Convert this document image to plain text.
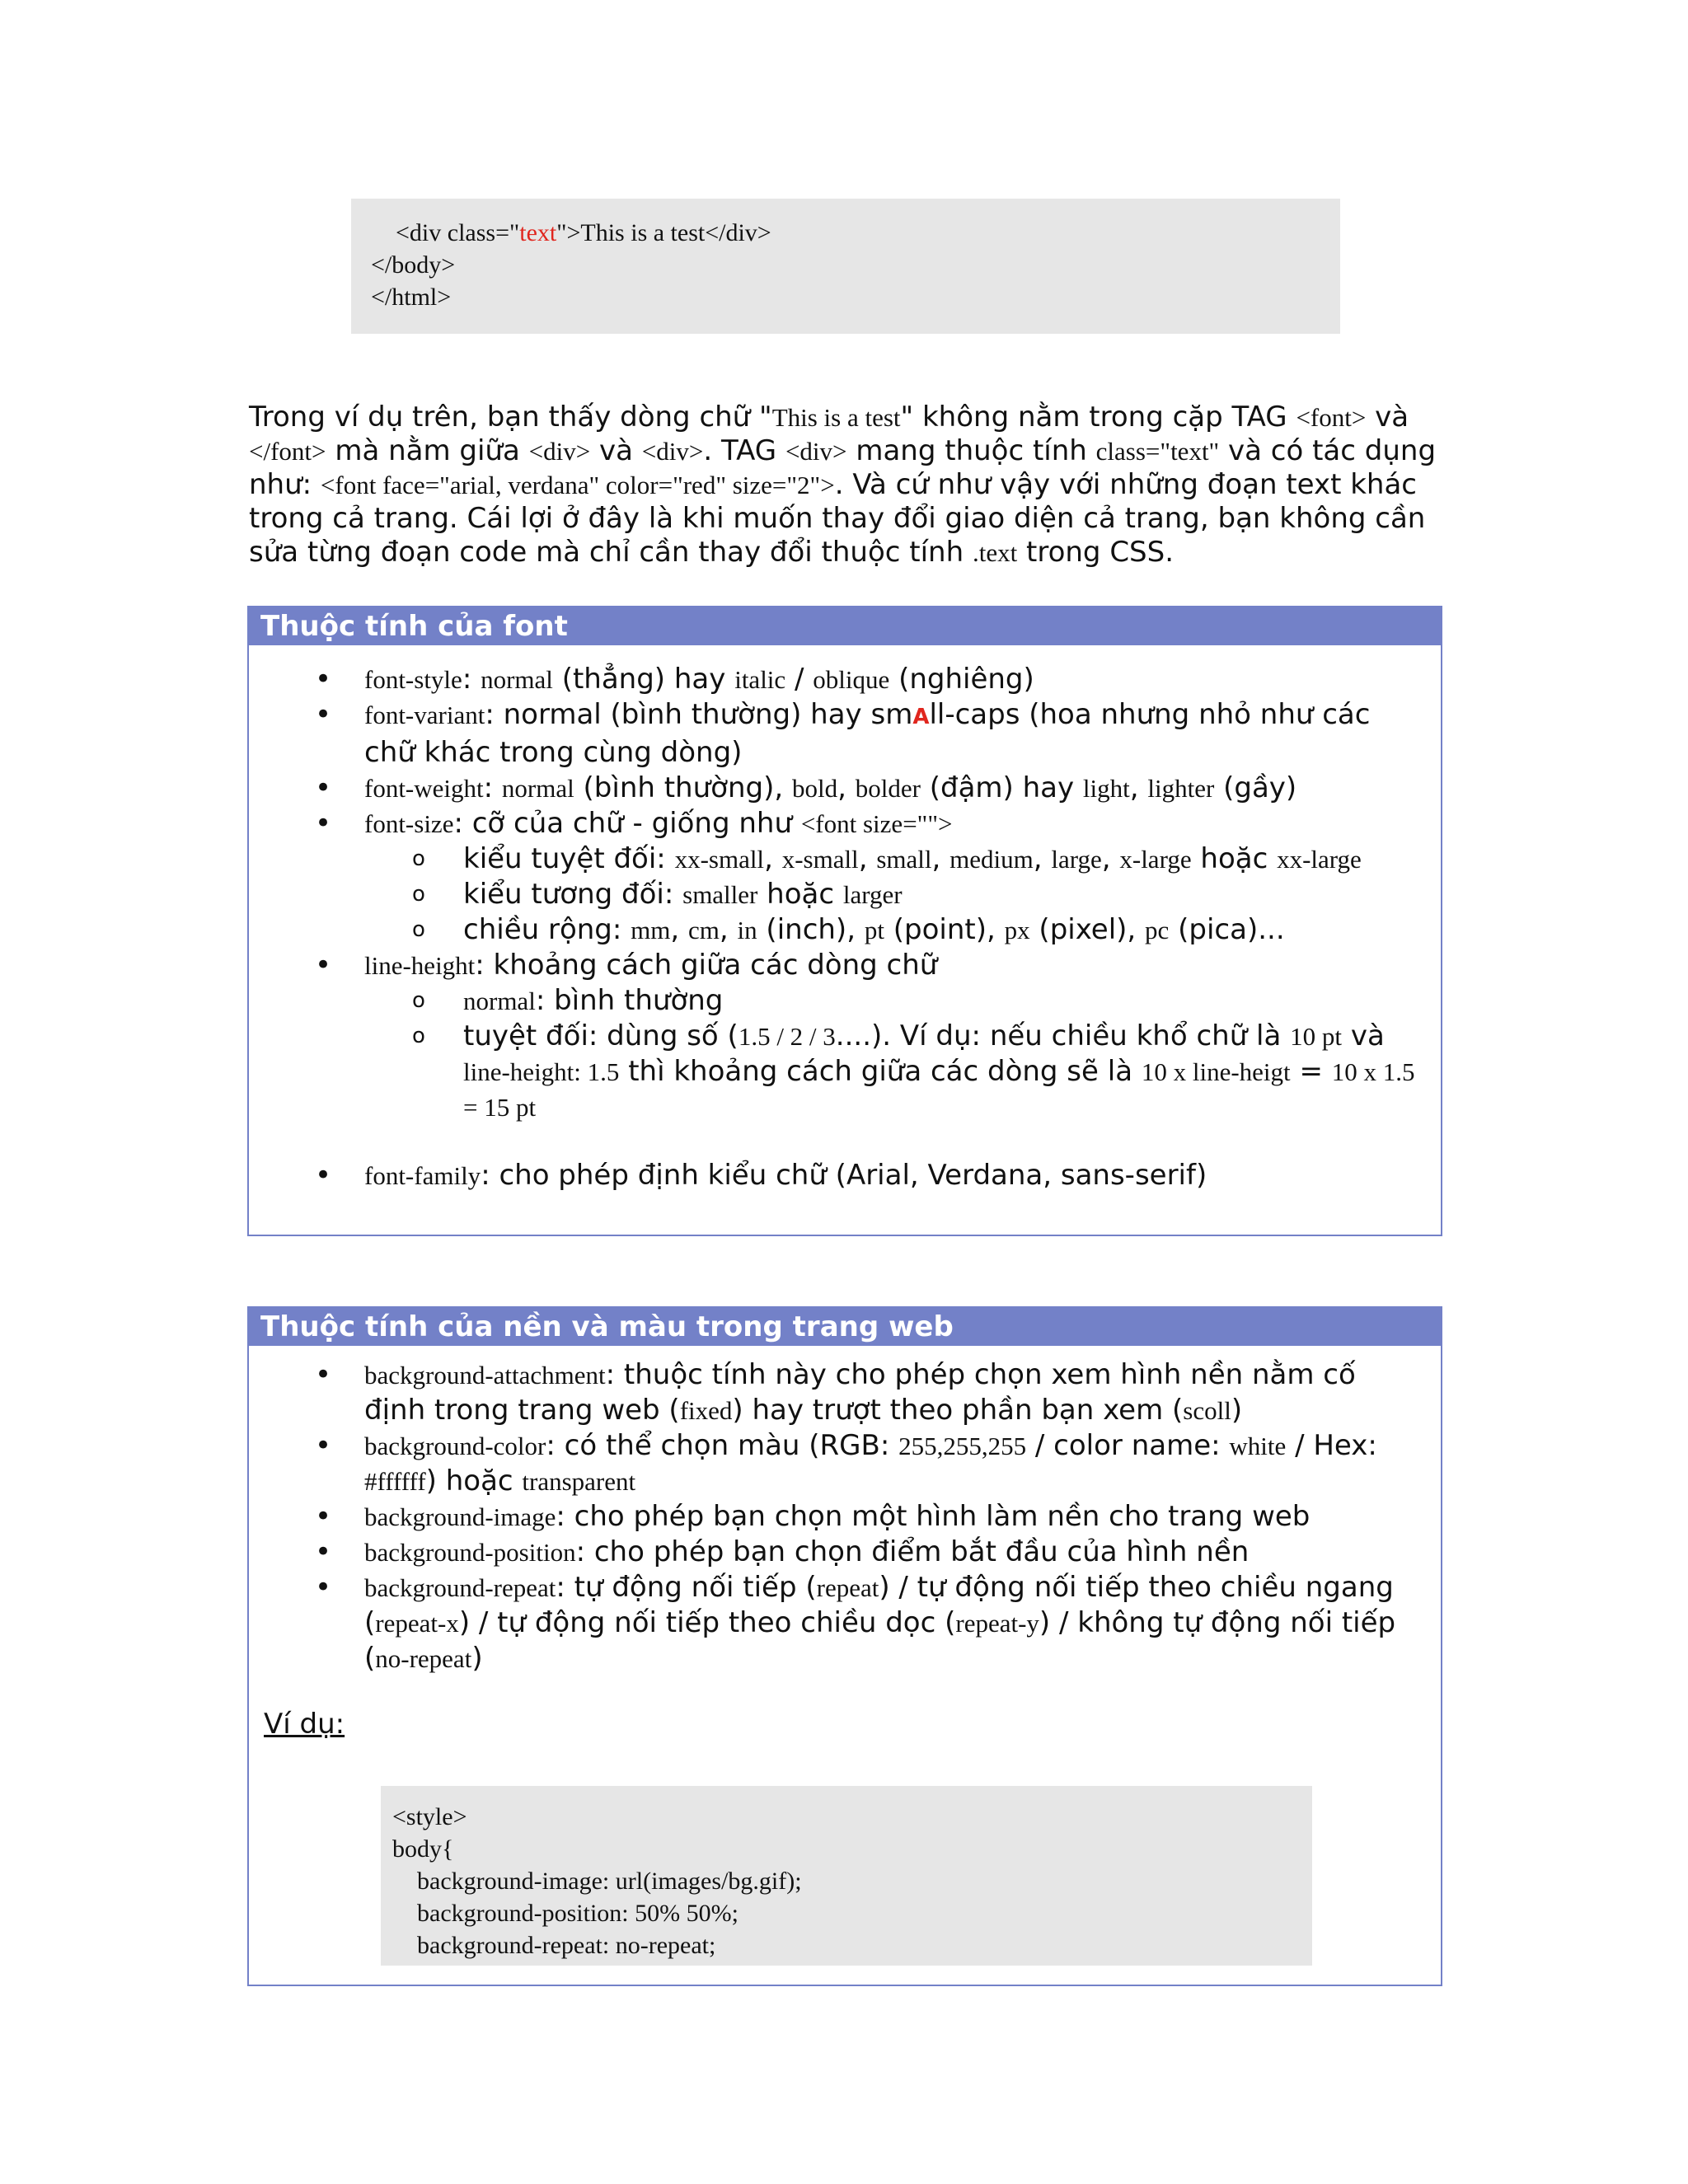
<div class="text">This is a test</div>
</body>
</html>

Trong ví dụ trên, bạn thấy dòng chữ "This is a test" không nằm trong cặp TAG <font> và </font> mà nằm giữa <div> và <div>. TAG <div> mang thuộc tính class="text" và có tác dụng như: <font face="arial, verdana" color="red" size="2">. Và cứ như vậy với những đoạn text khác trong cả trang. Cái lợi ở đây là khi muốn thay đổi giao diện cả trang, bạn không cần sửa từng đoạn code mà chỉ cần thay đổi thuộc tính .text trong CSS.

Thuộc tính của font
• font-style: normal (thẳng) hay italic / oblique (nghiêng)
• font-variant: normal (bình thường) hay smAll-caps (hoa nhưng nhỏ như các chữ khác trong cùng dòng)
• font-weight: normal (bình thường), bold, bolder (đậm) hay light, lighter (gầy)
• font-size: cỡ của chữ - giống như <font size="">
o kiểu tuyệt đối: xx-small, x-small, small, medium, large, x-large hoặc xx-large
o kiểu tương đối: smaller hoặc larger
o chiều rộng: mm, cm, in (inch), pt (point), px (pixel), pc (pica)...
• line-height: khoảng cách giữa các dòng chữ
o normal: bình thường
o tuyệt đối: dùng số (1.5 / 2 / 3....). Ví dụ: nếu chiều khổ chữ là 10 pt và line-height: 1.5 thì khoảng cách giữa các dòng sẽ là 10 x line-heigt = 10 x 1.5 = 15 pt
• font-family: cho phép định kiểu chữ (Arial, Verdana, sans-serif)
Thuộc tính của nền và màu trong trang web
• background-attachment: thuộc tính này cho phép chọn xem hình nền nằm cố định trong trang web (fixed) hay trượt theo phần bạn xem (scoll)
• background-color: có thể chọn màu (RGB: 255,255,255 / color name: white / Hex: #ffffff) hoặc transparent
• background-image: cho phép bạn chọn một hình làm nền cho trang web
• background-position: cho phép bạn chọn điểm bắt đầu của hình nền
• background-repeat: tự động nối tiếp (repeat) / tự động nối tiếp theo chiều ngang (repeat-x) / tự động nối tiếp theo chiều dọc (repeat-y) / không tự động nối tiếp (no-repeat)
Ví dụ:
<style>
body{
background-image: url(images/bg.gif);
background-position: 50% 50%;
background-repeat: no-repeat;
